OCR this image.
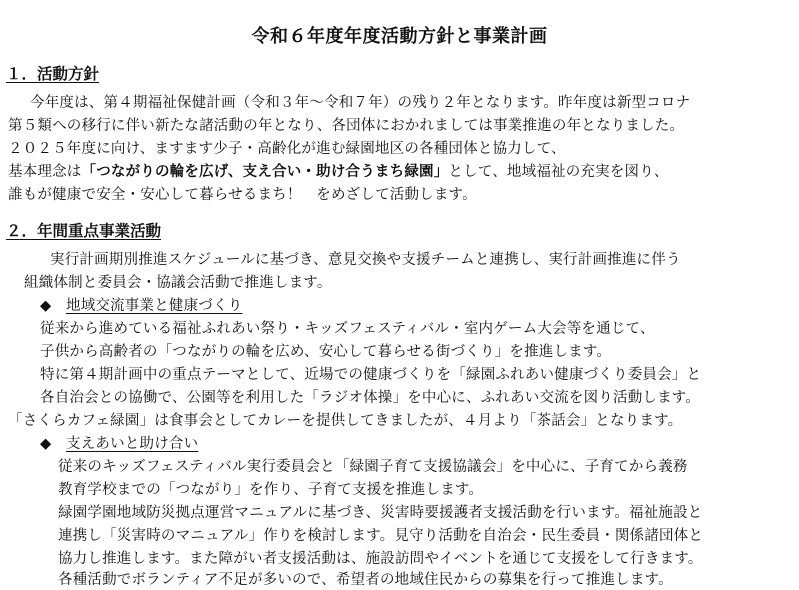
令和６年度年度活動方針と事業計画
１．活動方針

今年度は、第４期福祉保健計画（令和３年～令和７年）の残り２年となります。昨年度は新型コロナ

第５類への移行に伴い新たな諸活動の年となり、各団体におかれましては事業推進の年となりました。

２０２５年度に向け、ますます少子・高齢化が進む緑園地区の各種団体と協力して、

基本理念は「つながりの輪を広げ、支え合い・助け合うまち緑園」として、地域福祉の充実を図り、

誰もが健康で安全・安心して暮らせるまち！　をめざして活動します。

２．年間重点事業活動

実行計画期別推進スケジュールに基づき、意見交換や支援チームと連携し、実行計画推進に伴う

組織体制と委員会・協議会活動で推進します。

◆ 地域交流事業と健康づくり

従来から進めている福祉ふれあい祭り・キッズフェスティバル・室内ゲーム大会等を通じて、

子供から高齢者の「つながりの輪を広め、安心して暮らせる街づくり」を推進します。

特に第４期計画中の重点テーマとして、近場での健康づくりを「緑園ふれあい健康づくり委員会」と

各自治会との協働で、公園等を利用した「ラジオ体操」を中心に、ふれあい交流を図り活動します。

「さくらカフェ緑園」は食事会としてカレーを提供してきましたが、４月より「茶話会」となります。

◆ 支えあいと助け合い

従来のキッズフェスティバル実行委員会と「緑園子育て支援協議会」を中心に、子育てから義務

教育学校までの「つながり」を作り、子育て支援を推進します。

緑園学園地域防災拠点運営マニュアルに基づき、災害時要援護者支援活動を行います。福祉施設と

連携し「災害時のマニュアル」作りを検討します。見守り活動を自治会・民生委員・関係諸団体と

協力し推進します。また障がい者支援活動は、施設訪問やイベントを通じて支援をして行きます。

各種活動でボランティア不足が多いので、希望者の地域住民からの募集を行って推進します。
